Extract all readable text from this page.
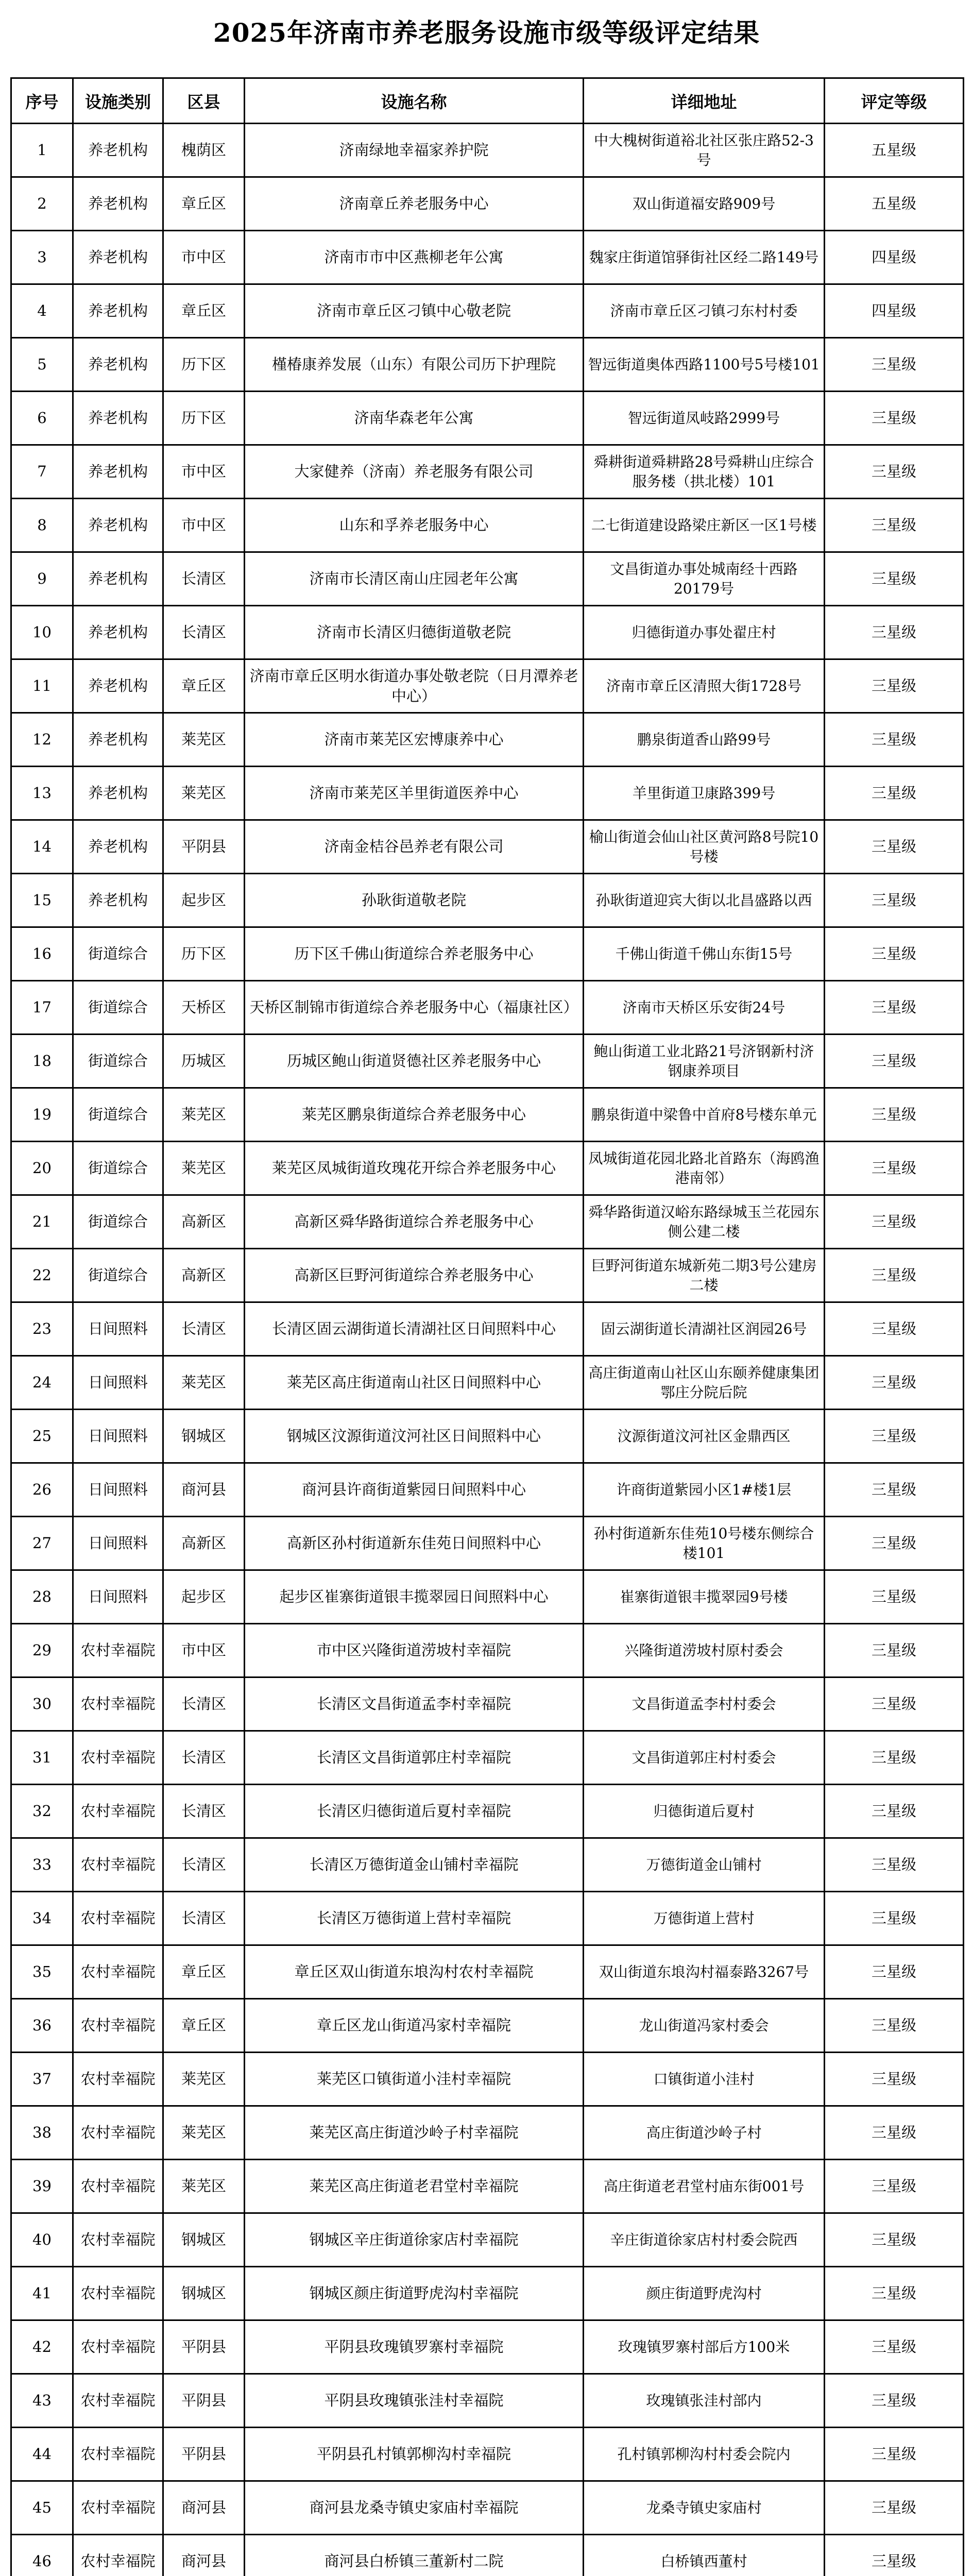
2025年济南市养老服务设施市级等级评定结果
序号	设施类别	区县	设施名称	详细地址	评定等级
1	养老机构	槐荫区	济南绿地幸福家养护院	中大槐树街道裕北社区张庄路52-3号	五星级
2	养老机构	章丘区	济南章丘养老服务中心	双山街道福安路909号	五星级
3	养老机构	市中区	济南市市中区燕柳老年公寓	魏家庄街道馆驿街社区经二路149号	四星级
4	养老机构	章丘区	济南市章丘区刁镇中心敬老院	济南市章丘区刁镇刁东村村委	四星级
5	养老机构	历下区	槿椿康养发展（山东）有限公司历下护理院	智远街道奥体西路1100号5号楼101	三星级
6	养老机构	历下区	济南华森老年公寓	智远街道凤岐路2999号	三星级
7	养老机构	市中区	大家健养（济南）养老服务有限公司	舜耕街道舜耕路28号舜耕山庄综合服务楼（拱北楼）101	三星级
8	养老机构	市中区	山东和孚养老服务中心	二七街道建设路梁庄新区一区1号楼	三星级
9	养老机构	长清区	济南市长清区南山庄园老年公寓	文昌街道办事处城南经十西路20179号	三星级
10	养老机构	长清区	济南市长清区归德街道敬老院	归德街道办事处翟庄村	三星级
11	养老机构	章丘区	济南市章丘区明水街道办事处敬老院（日月潭养老中心）	济南市章丘区清照大街1728号	三星级
12	养老机构	莱芜区	济南市莱芜区宏博康养中心	鹏泉街道香山路99号	三星级
13	养老机构	莱芜区	济南市莱芜区羊里街道医养中心	羊里街道卫康路399号	三星级
14	养老机构	平阴县	济南金桔谷邑养老有限公司	榆山街道会仙山社区黄河路8号院10号楼	三星级
15	养老机构	起步区	孙耿街道敬老院	孙耿街道迎宾大街以北昌盛路以西	三星级
16	街道综合	历下区	历下区千佛山街道综合养老服务中心	千佛山街道千佛山东街15号	三星级
17	街道综合	天桥区	天桥区制锦市街道综合养老服务中心（福康社区）	济南市天桥区乐安街24号	三星级
18	街道综合	历城区	历城区鲍山街道贤德社区养老服务中心	鲍山街道工业北路21号济钢新村济钢康养项目	三星级
19	街道综合	莱芜区	莱芜区鹏泉街道综合养老服务中心	鹏泉街道中梁鲁中首府8号楼东单元	三星级
20	街道综合	莱芜区	莱芜区凤城街道玫瑰花开综合养老服务中心	凤城街道花园北路北首路东（海鸥渔港南邻）	三星级
21	街道综合	高新区	高新区舜华路街道综合养老服务中心	舜华路街道汉峪东路绿城玉兰花园东侧公建二楼	三星级
22	街道综合	高新区	高新区巨野河街道综合养老服务中心	巨野河街道东城新苑二期3号公建房二楼	三星级
23	日间照料	长清区	长清区固云湖街道长清湖社区日间照料中心	固云湖街道长清湖社区润园26号	三星级
24	日间照料	莱芜区	莱芜区高庄街道南山社区日间照料中心	高庄街道南山社区山东颐养健康集团鄂庄分院后院	三星级
25	日间照料	钢城区	钢城区汶源街道汶河社区日间照料中心	汶源街道汶河社区金鼎西区	三星级
26	日间照料	商河县	商河县许商街道紫园日间照料中心	许商街道紫园小区1#楼1层	三星级
27	日间照料	高新区	高新区孙村街道新东佳苑日间照料中心	孙村街道新东佳苑10号楼东侧综合楼101	三星级
28	日间照料	起步区	起步区崔寨街道银丰揽翠园日间照料中心	崔寨街道银丰揽翠园9号楼	三星级
29	农村幸福院	市中区	市中区兴隆街道涝坡村幸福院	兴隆街道涝坡村原村委会	三星级
30	农村幸福院	长清区	长清区文昌街道孟李村幸福院	文昌街道孟李村村委会	三星级
31	农村幸福院	长清区	长清区文昌街道郭庄村幸福院	文昌街道郭庄村村委会	三星级
32	农村幸福院	长清区	长清区归德街道后夏村幸福院	归德街道后夏村	三星级
33	农村幸福院	长清区	长清区万德街道金山铺村幸福院	万德街道金山铺村	三星级
34	农村幸福院	长清区	长清区万德街道上营村幸福院	万德街道上营村	三星级
35	农村幸福院	章丘区	章丘区双山街道东埌沟村农村幸福院	双山街道东埌沟村福泰路3267号	三星级
36	农村幸福院	章丘区	章丘区龙山街道冯家村幸福院	龙山街道冯家村委会	三星级
37	农村幸福院	莱芜区	莱芜区口镇街道小洼村幸福院	口镇街道小洼村	三星级
38	农村幸福院	莱芜区	莱芜区高庄街道沙岭子村幸福院	高庄街道沙岭子村	三星级
39	农村幸福院	莱芜区	莱芜区高庄街道老君堂村幸福院	高庄街道老君堂村庙东街001号	三星级
40	农村幸福院	钢城区	钢城区辛庄街道徐家店村幸福院	辛庄街道徐家店村村委会院西	三星级
41	农村幸福院	钢城区	钢城区颜庄街道野虎沟村幸福院	颜庄街道野虎沟村	三星级
42	农村幸福院	平阴县	平阴县玫瑰镇罗寨村幸福院	玫瑰镇罗寨村部后方100米	三星级
43	农村幸福院	平阴县	平阴县玫瑰镇张洼村幸福院	玫瑰镇张洼村部内	三星级
44	农村幸福院	平阴县	平阴县孔村镇郭柳沟村幸福院	孔村镇郭柳沟村村委会院内	三星级
45	农村幸福院	商河县	商河县龙桑寺镇史家庙村幸福院	龙桑寺镇史家庙村	三星级
46	农村幸福院	商河县	商河县白桥镇三董新村二院	白桥镇西董村	三星级
